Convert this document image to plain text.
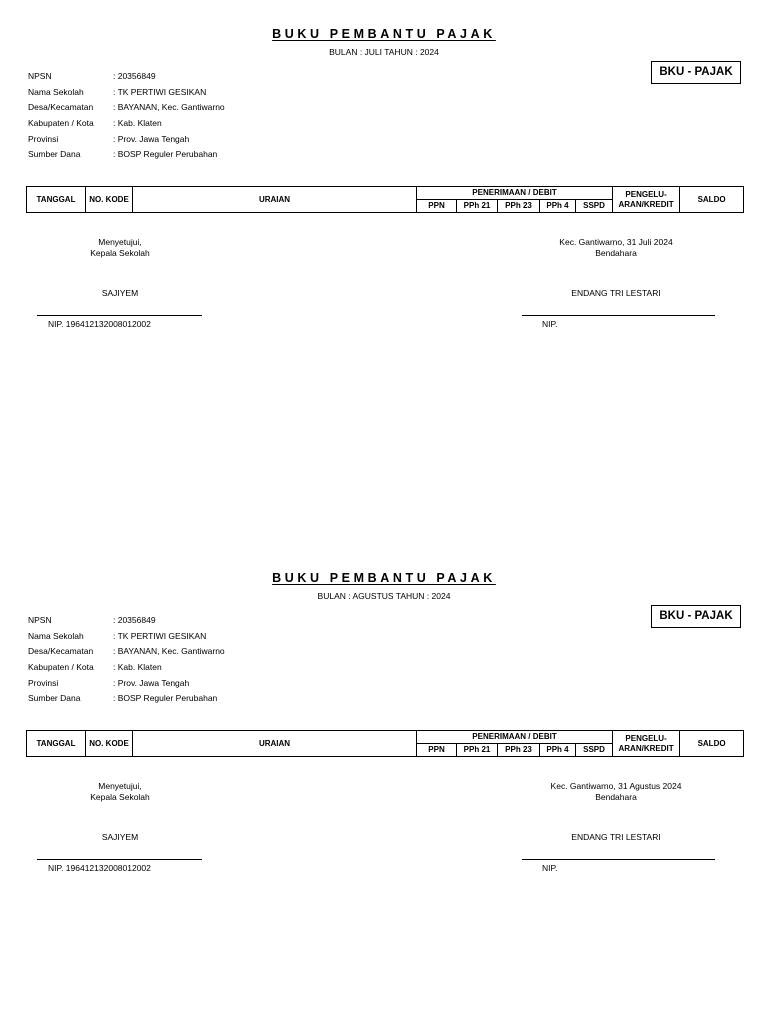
BUKU PEMBANTU PAJAK
BULAN : JULI TAHUN : 2024
BKU - PAJAK
NPSN	: 20356849
Nama Sekolah	: TK PERTIWI GESIKAN
Desa/Kecamatan : BAYANAN, Kec. Gantiwarno
Kabupaten / Kota : Kab. Klaten
Provinsi	: Prov. Jawa Tengah
Sumber Dana	: BOSP Reguler Perubahan
TANGGAL	NO. KODE	URAIAN	PENERIMAAN / DEBIT					PENGELU-ARAN/KREDIT	SALDO
			PPN	PPh 21	PPh 23	PPh 4	SSPD		
Menyetujui,
Kepala Sekolah
SAJIYEM
NIP. 196412132008012002
Kec. Gantiwarno, 31 Juli 2024
Bendahara
ENDANG TRI LESTARI
NIP.
BUKU PEMBANTU PAJAK
BULAN : AGUSTUS TAHUN : 2024
BKU - PAJAK
NPSN	: 20356849
Nama Sekolah	: TK PERTIWI GESIKAN
Desa/Kecamatan : BAYANAN, Kec. Gantiwarno
Kabupaten / Kota : Kab. Klaten
Provinsi	: Prov. Jawa Tengah
Sumber Dana	: BOSP Reguler Perubahan
TANGGAL	NO. KODE	URAIAN	PENERIMAAN / DEBIT					PENGELU-ARAN/KREDIT	SALDO
			PPN	PPh 21	PPh 23	PPh 4	SSPD		
Menyetujui,
Kepala Sekolah
SAJIYEM
NIP. 196412132008012002
Kec. Gantiwarno, 31 Agustus 2024
Bendahara
ENDANG TRI LESTARI
NIP.
